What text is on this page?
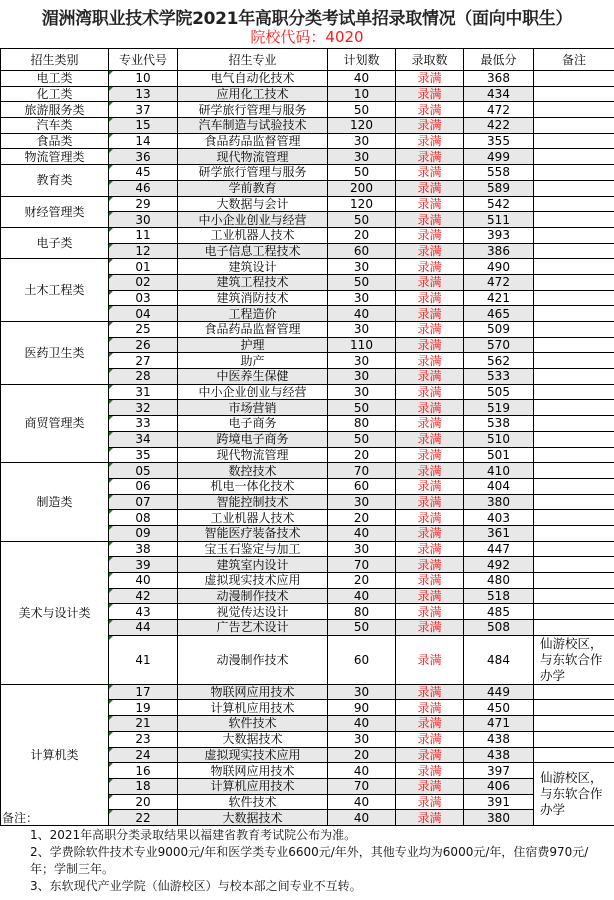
湄洲湾职业技术学院2021年高职分类考试单招录取情况（面向中职生）
院校代码：4020
招生类别	专业代号	招生专业	计划数	录取数	最低分	备注
电工类	10	电气自动化技术	40	录满	368	
化工类	13	应用化工技术	10	录满	434	
旅游服务类	37	研学旅行管理与服务	50	录满	472	
汽车类	15	汽车制造与试验技术	120	录满	422	
食品类	14	食品药品监督管理	30	录满	355	
物流管理类	36	现代物流管理	30	录满	499	
教育类	45	研学旅行管理与服务	50	录满	558	
	46	学前教育	200	录满	589	
财经管理类	29	大数据与会计	120	录满	542	
	30	中小企业创业与经营	50	录满	511	
电子类	11	工业机器人技术	20	录满	393	
	12	电子信息工程技术	60	录满	386	
土木工程类	01	建筑设计	30	录满	490	
	02	建筑工程技术	50	录满	472	
	03	建筑消防技术	30	录满	421	
	04	工程造价	40	录满	465	
医药卫生类	25	食品药品监督管理	30	录满	509	
	26	护理	110	录满	570	
	27	助产	30	录满	562	
	28	中医养生保健	30	录满	533	
商贸管理类	31	中小企业创业与经营	30	录满	505	
	32	市场营销	50	录满	519	
	33	电子商务	80	录满	538	
	34	跨境电子商务	50	录满	510	
	35	现代物流管理	20	录满	501	
制造类	05	数控技术	70	录满	410	
	06	机电一体化技术	60	录满	404	
	07	智能控制技术	30	录满	380	
	08	工业机器人技术	20	录满	403	
	09	智能医疗装备技术	40	录满	361	
美术与设计类	38	宝玉石鉴定与加工	30	录满	447	
	39	建筑室内设计	70	录满	492	
	40	虚拟现实技术应用	20	录满	480	
	42	动漫制作技术	40	录满	518	
	43	视觉传达设计	80	录满	485	
	44	广告艺术设计	50	录满	508	
	41	动漫制作技术	60	录满	484	仙游校区，与东软合作办学
计算机类	17	物联网应用技术	30	录满	449	
	19	计算机应用技术	90	录满	450	
	21	软件技术	40	录满	471	
	23	大数据技术	30	录满	438	
	24	虚拟现实技术应用	20	录满	438	
	16	物联网应用技术	40	录满	397	仙游校区，与东软合作办学
	18	计算机应用技术	70	录满	406	
	20	软件技术	40	录满	391	
	22	大数据技术	40	录满	380	
备注：
1、2021年高职分类录取结果以福建省教育考试院公布为准。
2、学费除软件技术专业9000元/年和医学类专业6600元/年外，其他专业均为6000元/年，住宿费970元/年；学制三年。
3、东软现代产业学院（仙游校区）与校本部之间专业不互转。
